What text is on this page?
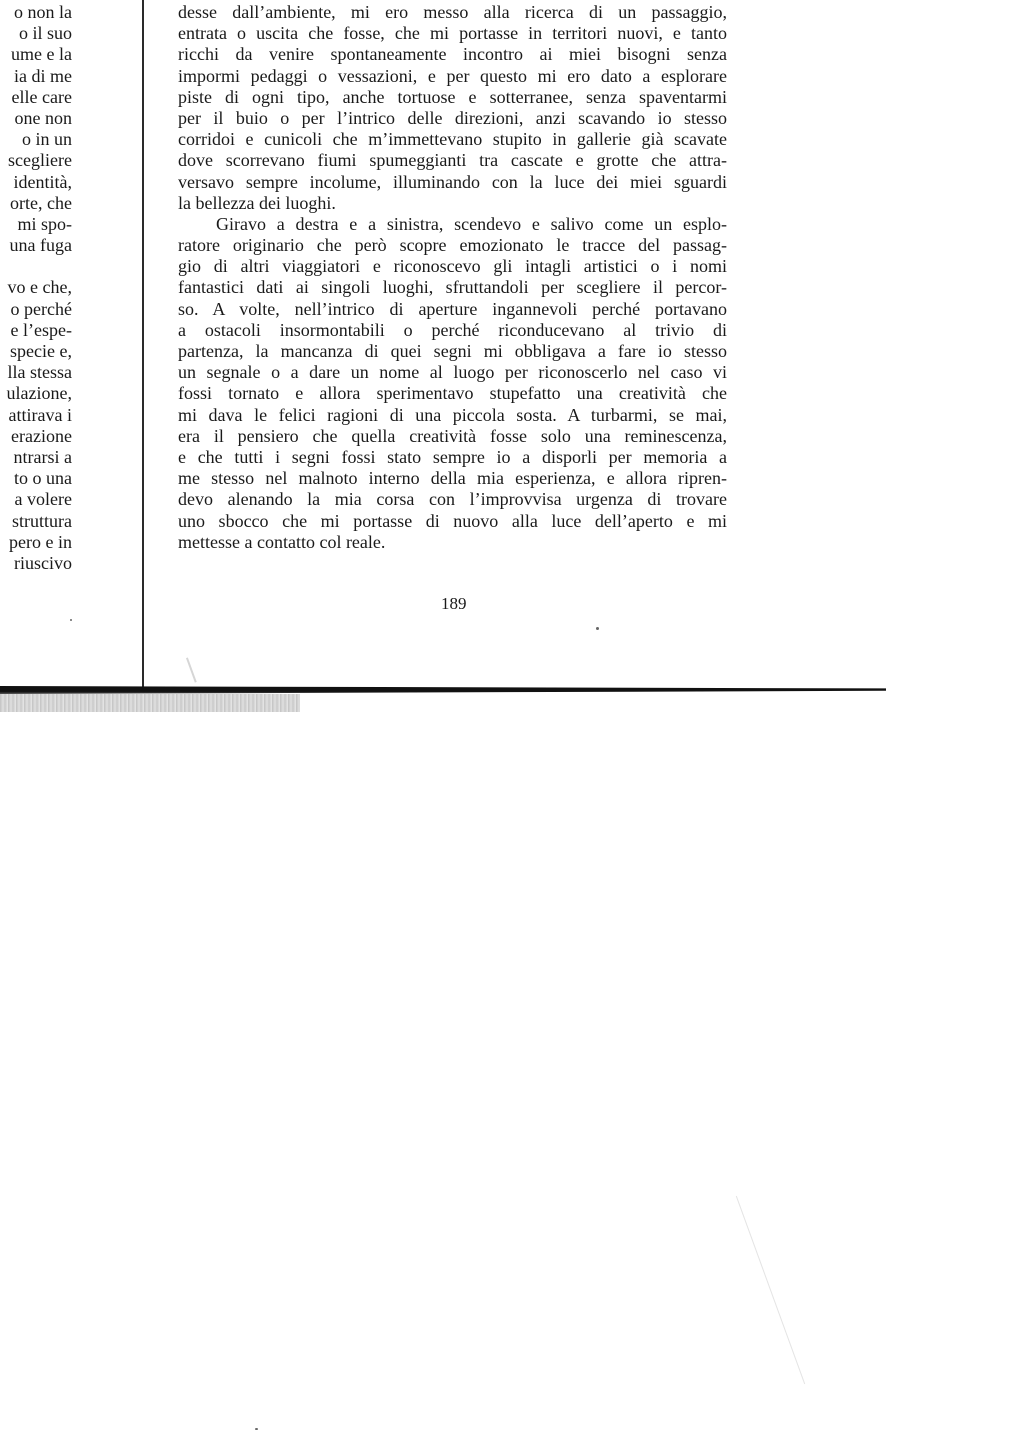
o non la
o il suo
ume e la
ia di me
elle care
one non
o in un
scegliere
identità,
orte, che
mi spo-
una fuga
vo e che,
o perché
e l’espe-
specie e,
lla stessa
ulazione,
attirava i
erazione
ntrarsi a
to o una
a volere
struttura
pero e in
riuscivo
desse dall’ambiente, mi ero messo alla ricerca di un passaggio,
entrata o uscita che fosse, che mi portasse in territori nuovi, e tanto
ricchi da venire spontaneamente incontro ai miei bisogni senza
impormi pedaggi o vessazioni, e per questo mi ero dato a esplorare
piste di ogni tipo, anche tortuose e sotterranee, senza spaventarmi
per il buio o per l’intrico delle direzioni, anzi scavando io stesso
corridoi e cunicoli che m’immettevano stupito in gallerie già scavate
dove scorrevano fiumi spumeggianti tra cascate e grotte che attra-
versavo sempre incolume, illuminando con la luce dei miei sguardi
la bellezza dei luoghi.
Giravo a destra e a sinistra, scendevo e salivo come un esplo-
ratore originario che però scopre emozionato le tracce del passag-
gio di altri viaggiatori e riconoscevo gli intagli artistici o i nomi
fantastici dati ai singoli luoghi, sfruttandoli per scegliere il percor-
so. A volte, nell’intrico di aperture ingannevoli perché portavano
a ostacoli insormontabili o perché riconducevano al trivio di
partenza, la mancanza di quei segni mi obbligava a fare io stesso
un segnale o a dare un nome al luogo per riconoscerlo nel caso vi
fossi tornato e allora sperimentavo stupefatto una creatività che
mi dava le felici ragioni di una piccola sosta. A turbarmi, se mai,
era il pensiero che quella creatività fosse solo una reminescenza,
e che tutti i segni fossi stato sempre io a disporli per memoria a
me stesso nel malnoto interno della mia esperienza, e allora ripren-
devo alenando la mia corsa con l’improvvisa urgenza di trovare
uno sbocco che mi portasse di nuovo alla luce dell’aperto e mi
mettesse a contatto col reale.
189
